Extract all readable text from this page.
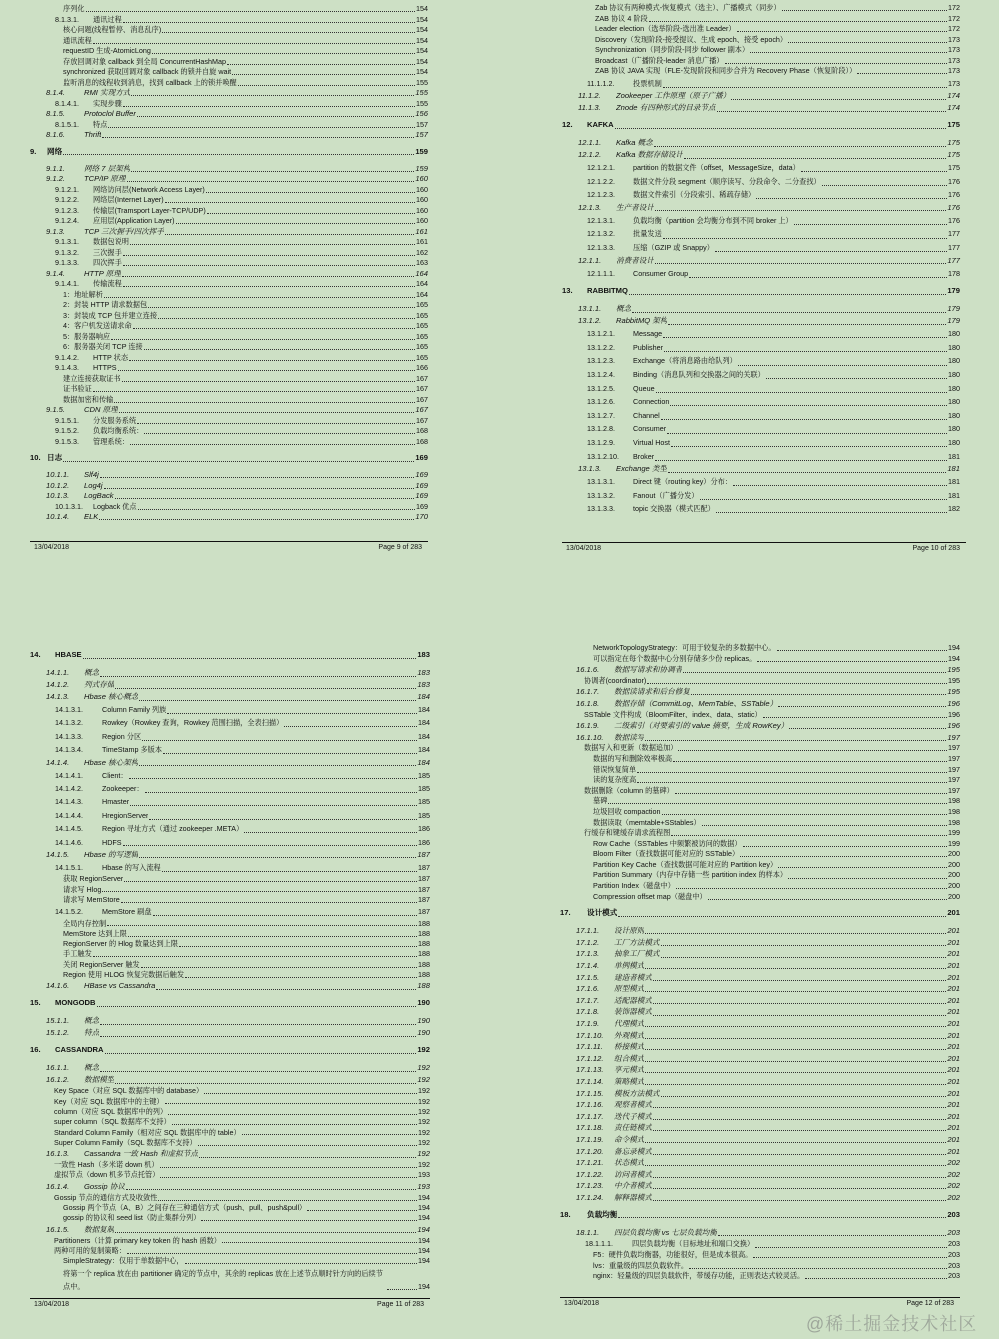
序列化	154
8.1.3.1.	通讯过程	154
核心问题(线程暂停、消息乱序)	154
通讯流程	154
requestID 生成-AtomicLong	154
存放回调对象 callback 到全局 ConcurrentHashMap	154
synchronized 获取回调对象 callback 的锁并自旋 wait	154
监听消息的线程收到消息，找到 callback 上的锁并唤醒	155
8.1.4.	RMI 实现方式	155
8.1.4.1.	实现步骤	155
8.1.5.	Protoclol Buffer	156
8.1.5.1.	特点	157
8.1.6.	Thrift	157
9.	网络	159
9.1.1.	网络 7 层架构	159
9.1.2.	TCP/IP 原理	160
9.1.2.1.	网络访问层(Network Access Layer)	160
9.1.2.2.	网络层(Internet Layer)	160
9.1.2.3.	传输层(Tramsport Layer-TCP/UDP)	160
9.1.2.4.	应用层(Application Layer)	160
9.1.3.	TCP 三次握手/四次挥手	161
9.1.3.1.	数据包说明	161
9.1.3.2.	三次握手	162
9.1.3.3.	四次挥手	163
9.1.4.	HTTP 原理	164
9.1.4.1.	传输流程	164
1：地址解析	164
2：封装 HTTP 请求数据包	165
3：封装成 TCP 包并建立连接	165
4：客户机发送请求命	165
5：服务器响应	165
6：服务器关闭 TCP 连接	165
9.1.4.2.	HTTP 状态	165
9.1.4.3.	HTTPS	166
建立连接获取证书	167
证书验证	167
数据加密和传输	167
9.1.5.	CDN 原理	167
9.1.5.1.	分发服务系统	167
9.1.5.2.	负载均衡系统：	168
9.1.5.3.	管理系统：	168
10. 日志	169
10.1.1.	Slf4j	169
10.1.2.	Log4j	169
10.1.3.	LogBack	169
10.1.3.1.	Logback 优点	169
10.1.4.	ELK	170
13/04/2018	Page 9 of 283
Zab 协议有两种模式-恢复模式（选主）、广播模式（同步）	172
ZAB 协议 4 阶段	172
Leader election（选举阶段-选出准 Leader）	172
Discovery（发现阶段-接受提议、生成 epoch、接受 epoch）	173
Synchronization（同步阶段-同步 follower 副本）	173
Broadcast（广播阶段-leader 消息广播）	173
ZAB 协议 JAVA 实现（FLE-发现阶段和同步合并为 Recovery Phase（恢复阶段））	173
11.1.1.2.	投票机制	173
11.1.2.	Zookeeper 工作原理（原子广播）	174
11.1.3.	Znode 有四种形式的目录节点	174
12.	KAFKA	175
12.1.1.	Kafka 概念	175
12.1.2.	Kafka 数据存储设计	175
12.1.2.1.	partition 的数据文件（offset，MessageSize，data）	175
12.1.2.2.	数据文件分段 segment（顺序读写、分段命令、二分查找）	176
12.1.2.3.	数据文件索引（分段索引、稀疏存储）	176
12.1.3.	生产者设计	176
12.1.3.1.	负载均衡（partition 会均衡分布到不同 broker 上）	176
12.1.3.2.	批量发送	177
12.1.3.3.	压缩（GZIP 或 Snappy）	177
12.1.1.	消费者设计	177
12.1.1.1.	Consumer Group	178
13.	RABBITMQ	179
13.1.1.	概念	179
13.1.2.	RabbitMQ 架构	179
13.1.2.1.	Message	180
13.1.2.2.	Publisher	180
13.1.2.3.	Exchange（将消息路由给队列）	180
13.1.2.4.	Binding（消息队列和交换器之间的关联）	180
13.1.2.5.	Queue	180
13.1.2.6.	Connection	180
13.1.2.7.	Channel	180
13.1.2.8.	Consumer	180
13.1.2.9.	Virtual Host	180
13.1.2.10.	Broker	181
13.1.3.	Exchange 类型	181
13.1.3.1.	Direct 键（routing key）分布：	181
13.1.3.2.	Fanout（广播分发）	181
13.1.3.3.	topic 交换器（模式匹配）	182
13/04/2018	Page 10 of 283
14.	HBASE	183
14.1.1.	概念	183
14.1.2.	列式存储	183
14.1.3.	Hbase 核心概念	184
14.1.3.1.	Column Family 列族	184
14.1.3.2.	Rowkey（Rowkey 查询，Rowkey 范围扫描，全表扫描）	184
14.1.3.3.	Region 分区	184
14.1.3.4.	TimeStamp 多版本	184
14.1.4.	Hbase 核心架构	184
14.1.4.1.	Client：	185
14.1.4.2.	Zookeeper：	185
14.1.4.3.	Hmaster	185
14.1.4.4.	HregionServer	185
14.1.4.5.	Region 寻址方式（通过 zookeeper .META）	186
14.1.4.6.	HDFS	186
14.1.5.	Hbase 的写逻辑	187
14.1.5.1.	Hbase 的写入流程	187
获取 RegionServer	187
请求写 Hlog	187
请求写 MemStore	187
14.1.5.2.	MemStore 刷盘	187
全局内存控制	188
MemStore 达到上限	188
RegionServer 的 Hlog 数量达到上限	188
手工触发	188
关闭 RegionServer 触发	188
Region 使用 HLOG 恢复完数据后触发	188
14.1.6.	HBase vs Cassandra	188
15.	MONGODB	190
15.1.1.	概念	190
15.1.2.	特点	190
16.	CASSANDRA	192
16.1.1.	概念	192
16.1.2.	数据模型	192
Key Space（对应 SQL 数据库中的 database）	192
Key（对应 SQL 数据库中的主键）	192
column（对应 SQL 数据库中的列）	192
super column（SQL 数据库不支持）	192
Standard Column Family（相对应 SQL 数据库中的 table）	192
Super Column Family（SQL 数据库不支持）	192
16.1.3.	Cassandra 一致 Hash 和虚拟节点	192
一致性 Hash（多米诺 down 机）	192
虚拟节点（down 机多节点托管）	193
16.1.4.	Gossip 协议	193
Gossip 节点的通信方式及收敛性	194
Gossip 两个节点（A、B）之间存在三种通信方式（push、pull、push&pull）	194
gossip 的协议和 seed list（防止集群分列）	194
16.1.5.	数据复制	194
Partitioners（计算 primary key token 的 hash 函数）	194
两种可用的复制策略：	194
SimpleStrategy：仅用于单数据中心，	194
将第一个 replica 放在由 partitioner 确定的节点中，其余的 replicas 放在上述节点顺时针方向的后续节点中。	194
13/04/2018	Page 11 of 283
NetworkTopologyStrategy：可用于较复杂的多数据中心。	194
可以指定在每个数据中心分别存储多少份 replicas。	194
16.1.6.	数据写请求和协调者	195
协调者(coordinator)	195
16.1.7.	数据读请求和后台修复	195
16.1.8.	数据存储（CommitLog、MemTable、SSTable）	196
SSTable 文件构成（BloomFilter、index、data、static）	196
16.1.9.	二级索引（对要索引的 value 摘要，生成 RowKey）	196
16.1.10.	数据读写	197
数据写入和更新（数据追加）	197
数据的写和删除效率极高	197
错误恢复简单	197
读的复杂度高	197
数据删除（column 的墓碑）	197
墓碑	198
垃圾回收 compaction	198
数据读取（memtable+SStables）	198
行缓存和键缓存请求流程图	199
Row Cache（SSTables 中频繁被访问的数据）	199
Bloom Filter（查找数据可能对应的 SSTable）	200
Partition Key Cache（查找数据可能对应的 Partition key）	200
Partition Summary（内存中存储一些 partition index 的样本）	200
Partition Index（磁盘中）	200
Compression offset map（磁盘中）	200
17.	设计模式	201
17.1.1.	设计原则	201
17.1.2.	工厂方法模式	201
17.1.3.	抽象工厂模式	201
17.1.4.	单例模式	201
17.1.5.	建造者模式	201
17.1.6.	原型模式	201
17.1.7.	适配器模式	201
17.1.8.	装饰器模式	201
17.1.9.	代理模式	201
17.1.10.	外观模式	201
17.1.11.	桥接模式	201
17.1.12.	组合模式	201
17.1.13.	享元模式	201
17.1.14.	策略模式	201
17.1.15.	模板方法模式	201
17.1.16.	观察者模式	201
17.1.17.	迭代子模式	201
17.1.18.	责任链模式	201
17.1.19.	命令模式	201
17.1.20.	备忘录模式	201
17.1.21.	状态模式	202
17.1.22.	访问者模式	202
17.1.23.	中介者模式	202
17.1.24.	解释器模式	202
18.	负载均衡	203
18.1.1.	四层负载均衡 vs 七层负载均衡	203
18.1.1.1.	四层负载均衡（目标地址和端口交换）	203
F5：硬件负载均衡器，功能很好，但是成本很高。	203
lvs：重量级的四层负载软件。	203
nginx：轻量级的四层负载软件，带缓存功能，正则表达式较灵活。	203
13/04/2018	Page 12 of 283
@稀土掘金技术社区
